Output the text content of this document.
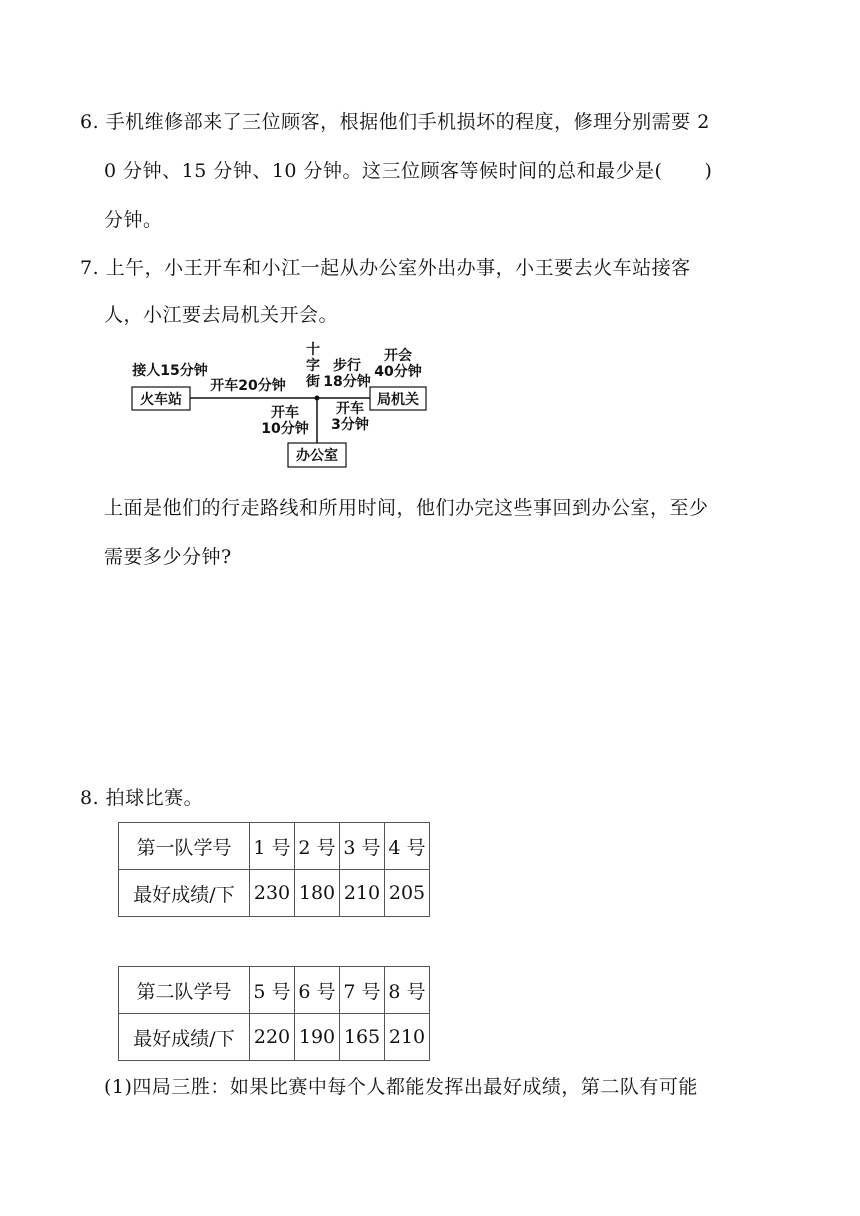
6. 手机维修部来了三位顾客，根据他们手机损坏的程度，修理分别需要 2
0 分钟、15 分钟、10 分钟。这三位顾客等候时间的总和最少是( )
分钟。
7. 上午，小王开车和小江一起从办公室外出办事，小王要去火车站接客
人，小江要去局机关开会。
火车站	局机关
办公室
接人15分钟
开车20分钟
十
字
街
步行
18分钟
开会
40分钟
开车
10分钟
开车
3分钟
上面是他们的行走路线和所用时间，他们办完这些事回到办公室，至少
需要多少分钟?
8. 拍球比赛。
第一队学号	1 号	2 号	3 号	4 号
最好成绩/下	230	180	210	205
第二队学号	5 号	6 号	7 号	8 号
最好成绩/下	220	190	165	210
(1)四局三胜：如果比赛中每个人都能发挥出最好成绩，第二队有可能
